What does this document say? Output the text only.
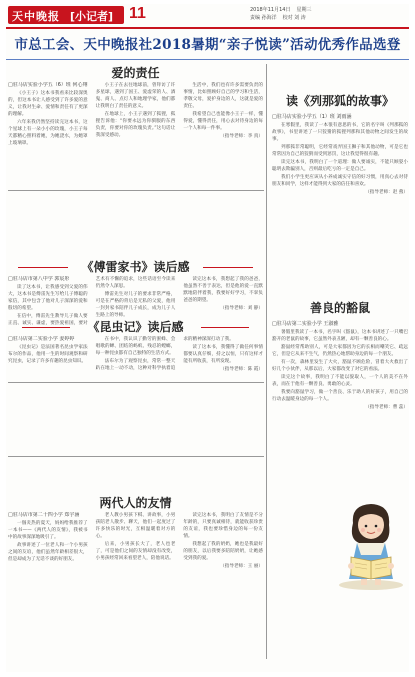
天中晚报 [小记者] 11	2018年11月14日 星期三
责编 孙海洋 校对 刘 涛
市总工会、天中晚报社2018暑期“亲子悦读”活动优秀作品选登
爱的责任
□驻马店实验小学五（6）班 何心翔

《小王子》这本书我看来比较深奥的，但这本书让人感受到了许多爱的意义，让我对生命、爱情和责任有了更深的理解。

六年来我仍然坚持读完这本书，这个星球上有一朵小小的玫瑰，小王子每天都精心照料着她，为她浇水，为她罩上玻璃罩。

小王子在去往地球前，曾拜访了许多星球，遇到了国王、爱虚荣的人、酒鬼、商人、点灯人和地理学家，他们都让我明白了责任的意义。

在地球上，小王子遇到了狐狸，狐狸告诉他：“你要永远为你驯服的东西负责，你要对你的玫瑰负责。”这句话让我深受感动。

生活中，我们也有许多需要负责的事情，比如照顾好自己的学习和生活，孝敬父母，爱护身边的人，这就是爱的责任。

我希望自己也能像小王子一样，懂得爱，懂得责任，用心去对待身边的每一个人和每一件事。

（指导老师：李 真）

读《列那狐的故事》
□驻马店实验小学五（1）班 刘雨涵

在寒假里，我读了一本很有意思的书，它的名字叫《列那狐的故事》，书里讲述了一只狡猾的狐狸列那和其他动物之间发生的故事。

列那狐非常聪明，它经常戏弄国王狮子和其他动物，可是它也常常因为自己的狡猾而受到惩罚，这让我觉得很有趣。

读完这本书，我明白了一个道理：做人要诚实，不能只顾耍小聪明去欺骗别人，否则最后吃亏的一定是自己。

我们小学生更应该从小养成诚实守信的好习惯，用真心去对待朋友和同学，这样才能得到大家的信任和喜欢。

（指导老师：赵 燕）

《傅雷家书》读后感
□驻马店市第八中学 郭宸彤

读了这本书，让我感受到父爱的伟大，这本书是傅雷先生写给儿子傅聪的家信，其中包含了他对儿子深深的爱和殷切的希望。

在信中，傅雷先生教导儿子做人要正直、诚实、谦虚，要热爱祖国，要对艺术有不懈的追求，这些话语至今读来仍然令人深思。

傅雷先生对儿子的要求非常严格，可是在严格的背后是无私的父爱，他用一封封家书陪伴儿子成长，成为儿子人生路上的导师。

读完这本书，我想起了我的爸爸，他虽然不善于表达，但是他的爱一直默默地陪伴着我，我要好好学习，不辜负爸爸的期望。

（指导老师：刘 静）	善良的豁鼠
□驻马店第二实验小学 王淑雅

暑假里我读了一本书，名字叫《豁鼠》，这本书讲述了一只嘴巴豁开的老鼠的故事，它虽然外表丑陋，却有一颗善良的心。

豁鼠经常帮助别人，可是大家都因为它的长相而嘲笑它、疏远它，但是它从来不生气，仍然热心地帮助身边的每一个朋友。

有一次，森林里发生了大火，豁鼠不顾危险，冒着大火救出了好几个小伙伴，从那以后，大家都改变了对它的看法。

读完这个故事，我明白了不能以貌取人，一个人的美不在外表，而在于他有一颗善良、勇敢的心灵。

我要向豁鼠学习，做一个善良、乐于助人的好孩子，用自己的行动去温暖身边的每一个人。

（指导老师：曹 蕊）

《昆虫记》读后感
□驻马店第二实验小学 姜婷婷

《昆虫记》是法国著名昆虫学家法布尔的作品，他用一生的时间观察和研究昆虫，记录了许多有趣的昆虫知识。

在书中，我认识了勤劳的蜜蜂、会唱歌的蝉、团结的蚂蚁、残忍的螳螂，每一种昆虫都有自己独特的生活方式。

法布尔为了观察昆虫，常常一整天趴在地上一动不动，这种对科学执着追求的精神深深打动了我。

读了这本书，我懂得了做任何事情都要认真仔细，持之以恒，只有这样才能有所收获，有所发现。

（指导老师：陈 霞）

两代人的友情
□驻马店市第二十四小学 郑宇涵

一個炎热的夏天，妈妈给我推荐了一本书——《两代人的友情》，我被书中的故事深深地吸引了。

故事讲述了一位老人和一个小男孩之间的友谊，他们虽然年龄相差很大，但是却成为了无话不谈的好朋友。

老人教小男孩下棋、讲故事，小男孩陪老人散步、聊天，他们一起度过了许多快乐的时光，互相温暖着对方的心。

后来，小男孩长大了，老人也老了，可是他们之间的友情却没有改变，小男孩经常回来看望老人，陪他说话。

读完这本书，我明白了友情是不分年龄的，只要真诚相待，就能收获珍贵的友谊，我也要珍惜身边的每一份友情。

我想起了我的奶奶，她也是我最好的朋友，以后我要多陪陪奶奶，让她感受到我的爱。

（指导老师：王 丽）
